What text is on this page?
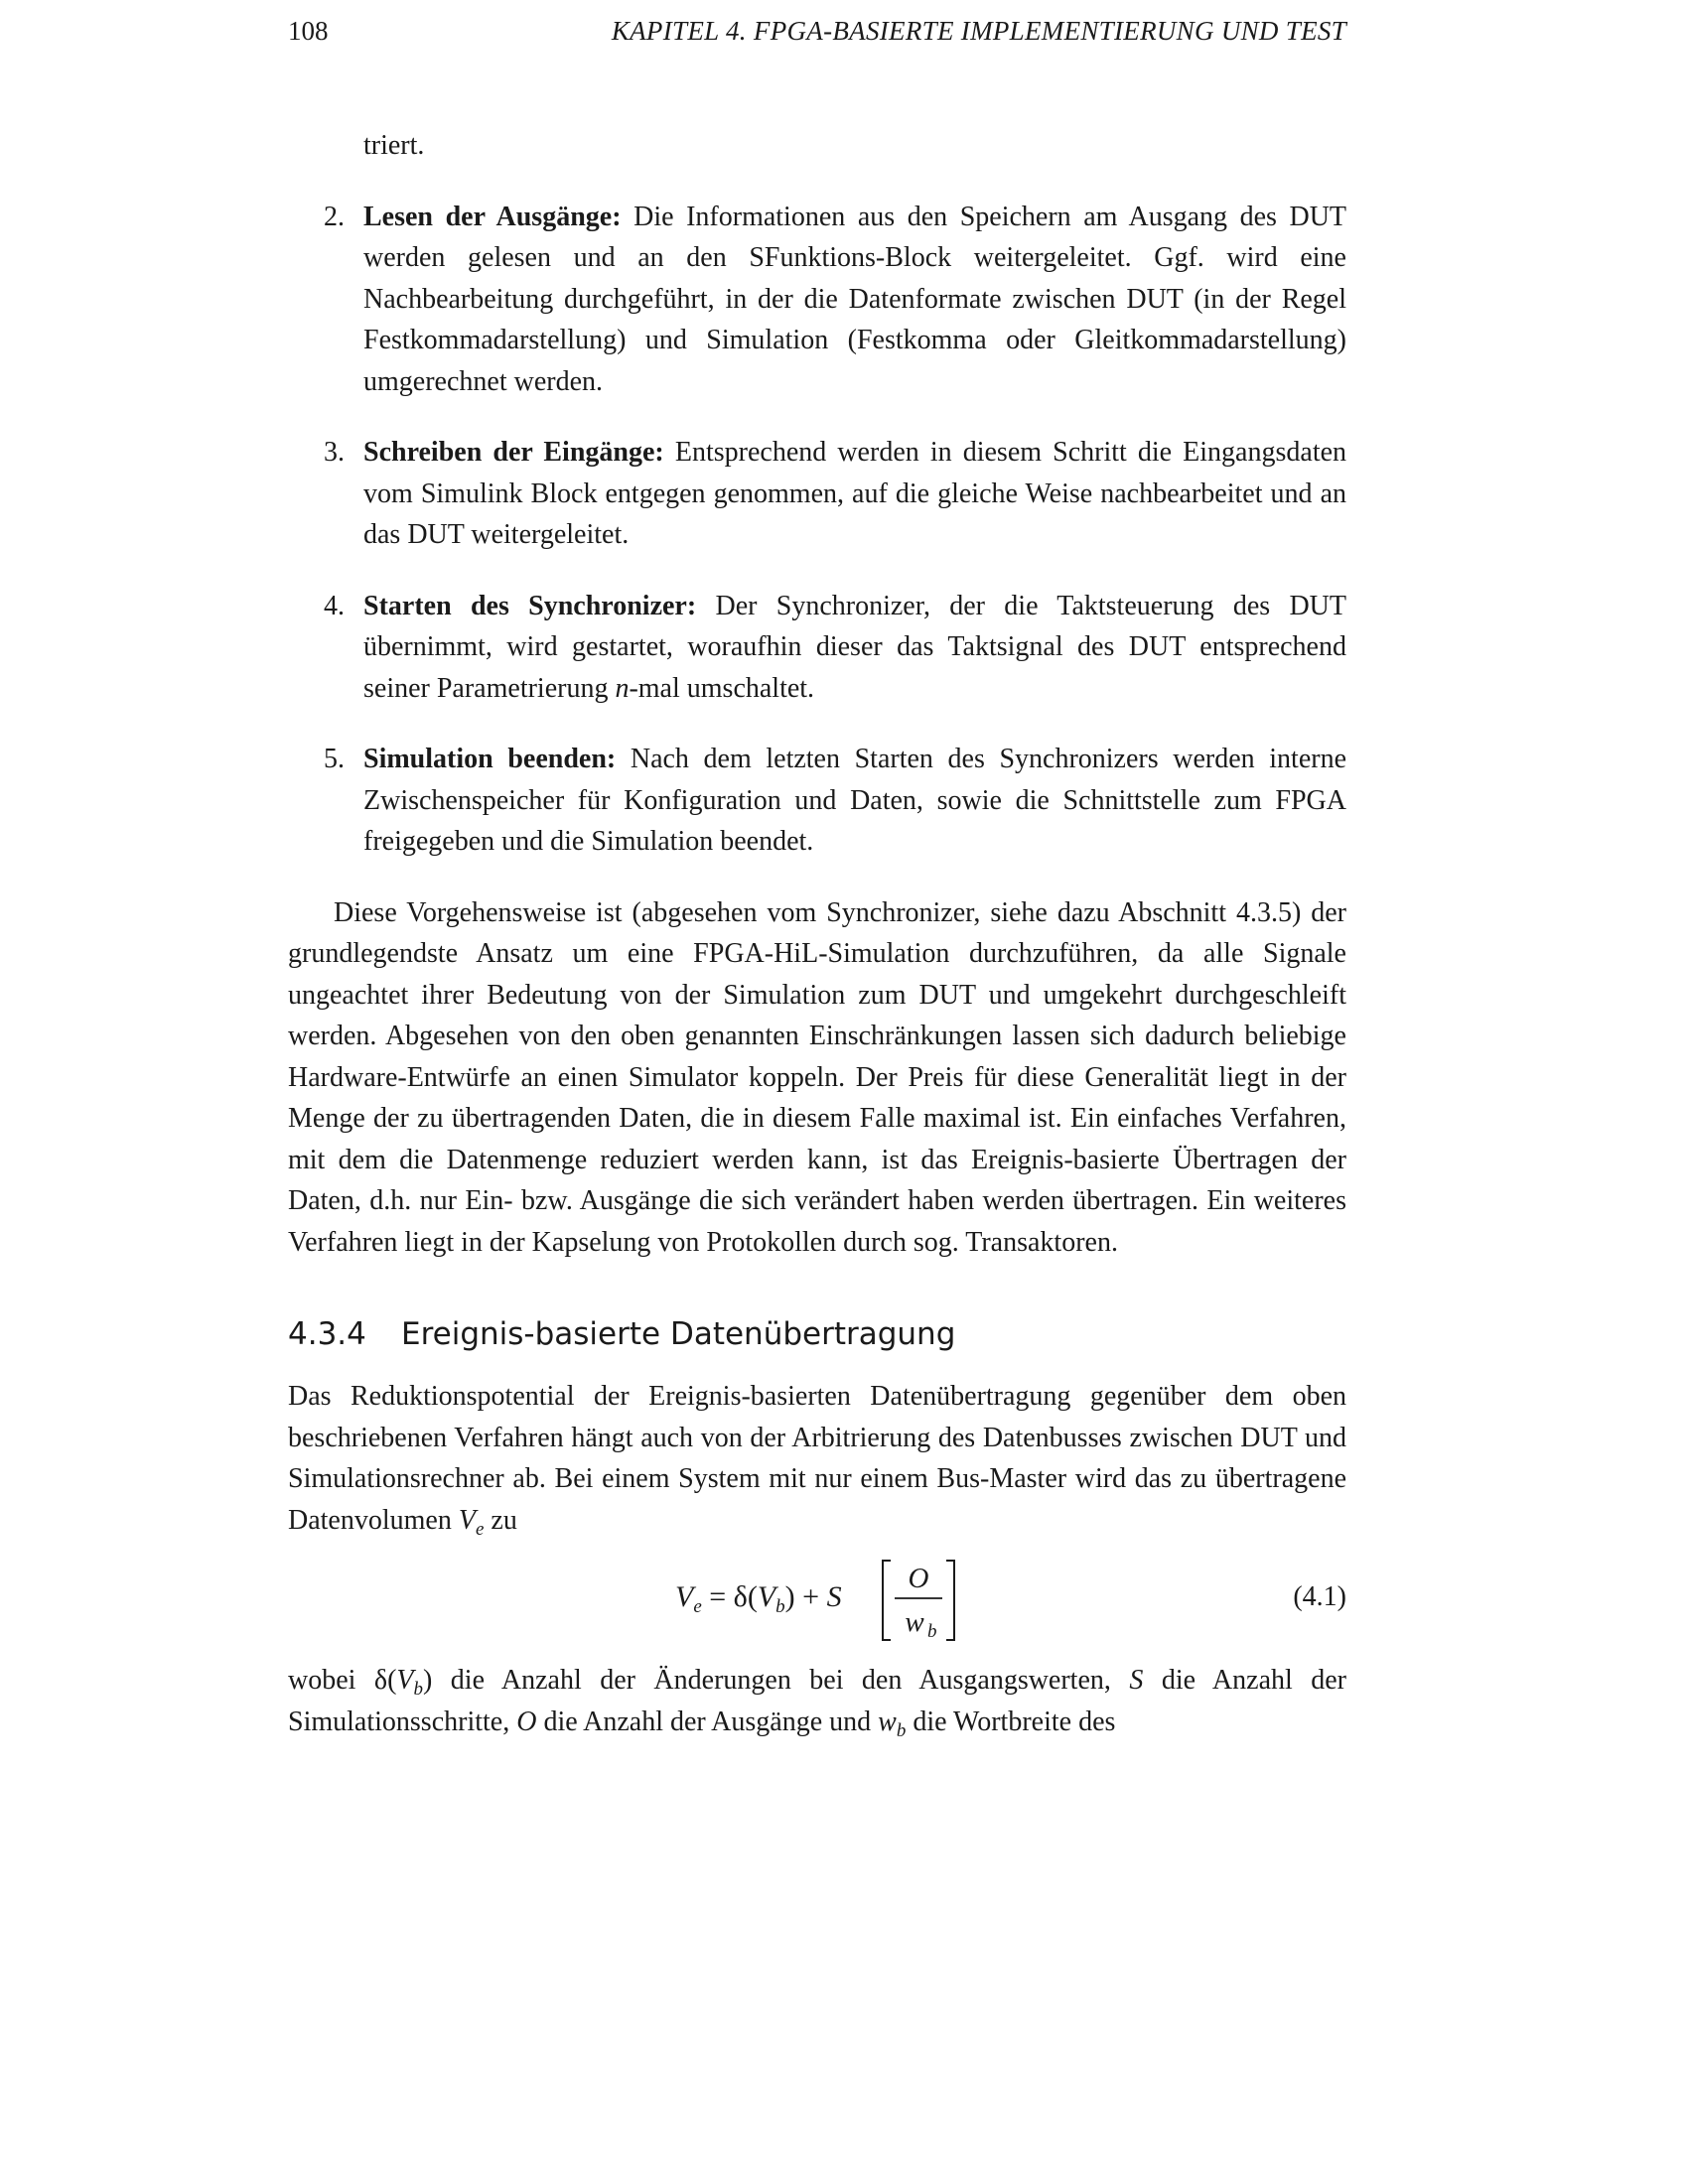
108	KAPITEL 4. FPGA-BASIERTE IMPLEMENTIERUNG UND TEST
triert.
2. Lesen der Ausgänge: Die Informationen aus den Speichern am Ausgang des DUT werden gelesen und an den SFunktions-Block weitergeleitet. Ggf. wird eine Nachbearbeitung durchgeführt, in der die Datenformate zwischen DUT (in der Regel Festkommadarstellung) und Simulation (Festkomma oder Gleitkommadarstellung) umgerechnet werden.
3. Schreiben der Eingänge: Entsprechend werden in diesem Schritt die Eingangsdaten vom Simulink Block entgegen genommen, auf die gleiche Weise nachbearbeitet und an das DUT weitergeleitet.
4. Starten des Synchronizer: Der Synchronizer, der die Taktsteuerung des DUT übernimmt, wird gestartet, woraufhin dieser das Taktsignal des DUT entsprechend seiner Parametrierung n-mal umschaltet.
5. Simulation beenden: Nach dem letzten Starten des Synchronizers werden interne Zwischenspeicher für Konfiguration und Daten, sowie die Schnittstelle zum FPGA freigegeben und die Simulation beendet.

Diese Vorgehensweise ist (abgesehen vom Synchronizer, siehe dazu Abschnitt 4.3.5) der grundlegendste Ansatz um eine FPGA-HiL-Simulation durchzuführen, da alle Signale ungeachtet ihrer Bedeutung von der Simulation zum DUT und umgekehrt durchgeschleift werden. Abgesehen von den oben genannten Einschränkungen lassen sich dadurch beliebige Hardware-Entwürfe an einen Simulator koppeln. Der Preis für diese Generalität liegt in der Menge der zu übertragenden Daten, die in diesem Falle maximal ist. Ein einfaches Verfahren, mit dem die Datenmenge reduziert werden kann, ist das Ereignis-basierte Übertragen der Daten, d.h. nur Ein- bzw. Ausgänge die sich verändert haben werden übertragen. Ein weiteres Verfahren liegt in der Kapselung von Protokollen durch sog. Transaktoren.

4.3.4 Ereignis-basierte Datenübertragung

Das Reduktionspotential der Ereignis-basierten Datenübertragung gegenüber dem oben beschriebenen Verfahren hängt auch von der Arbitrierung des Datenbusses zwischen DUT und Simulationsrechner ab. Bei einem System mit nur einem Bus-Master wird das zu übertragene Datenvolumen $V_e$ zu

$V_e = \delta(V_b) + S$
O
w b
(4.1)

wobei $\delta(V_b)$ die Anzahl der Änderungen bei den Ausgangswerten, S die Anzahl der Simulationsschritte, O die Anzahl der Ausgänge und $w_b$ die Wortbreite des
